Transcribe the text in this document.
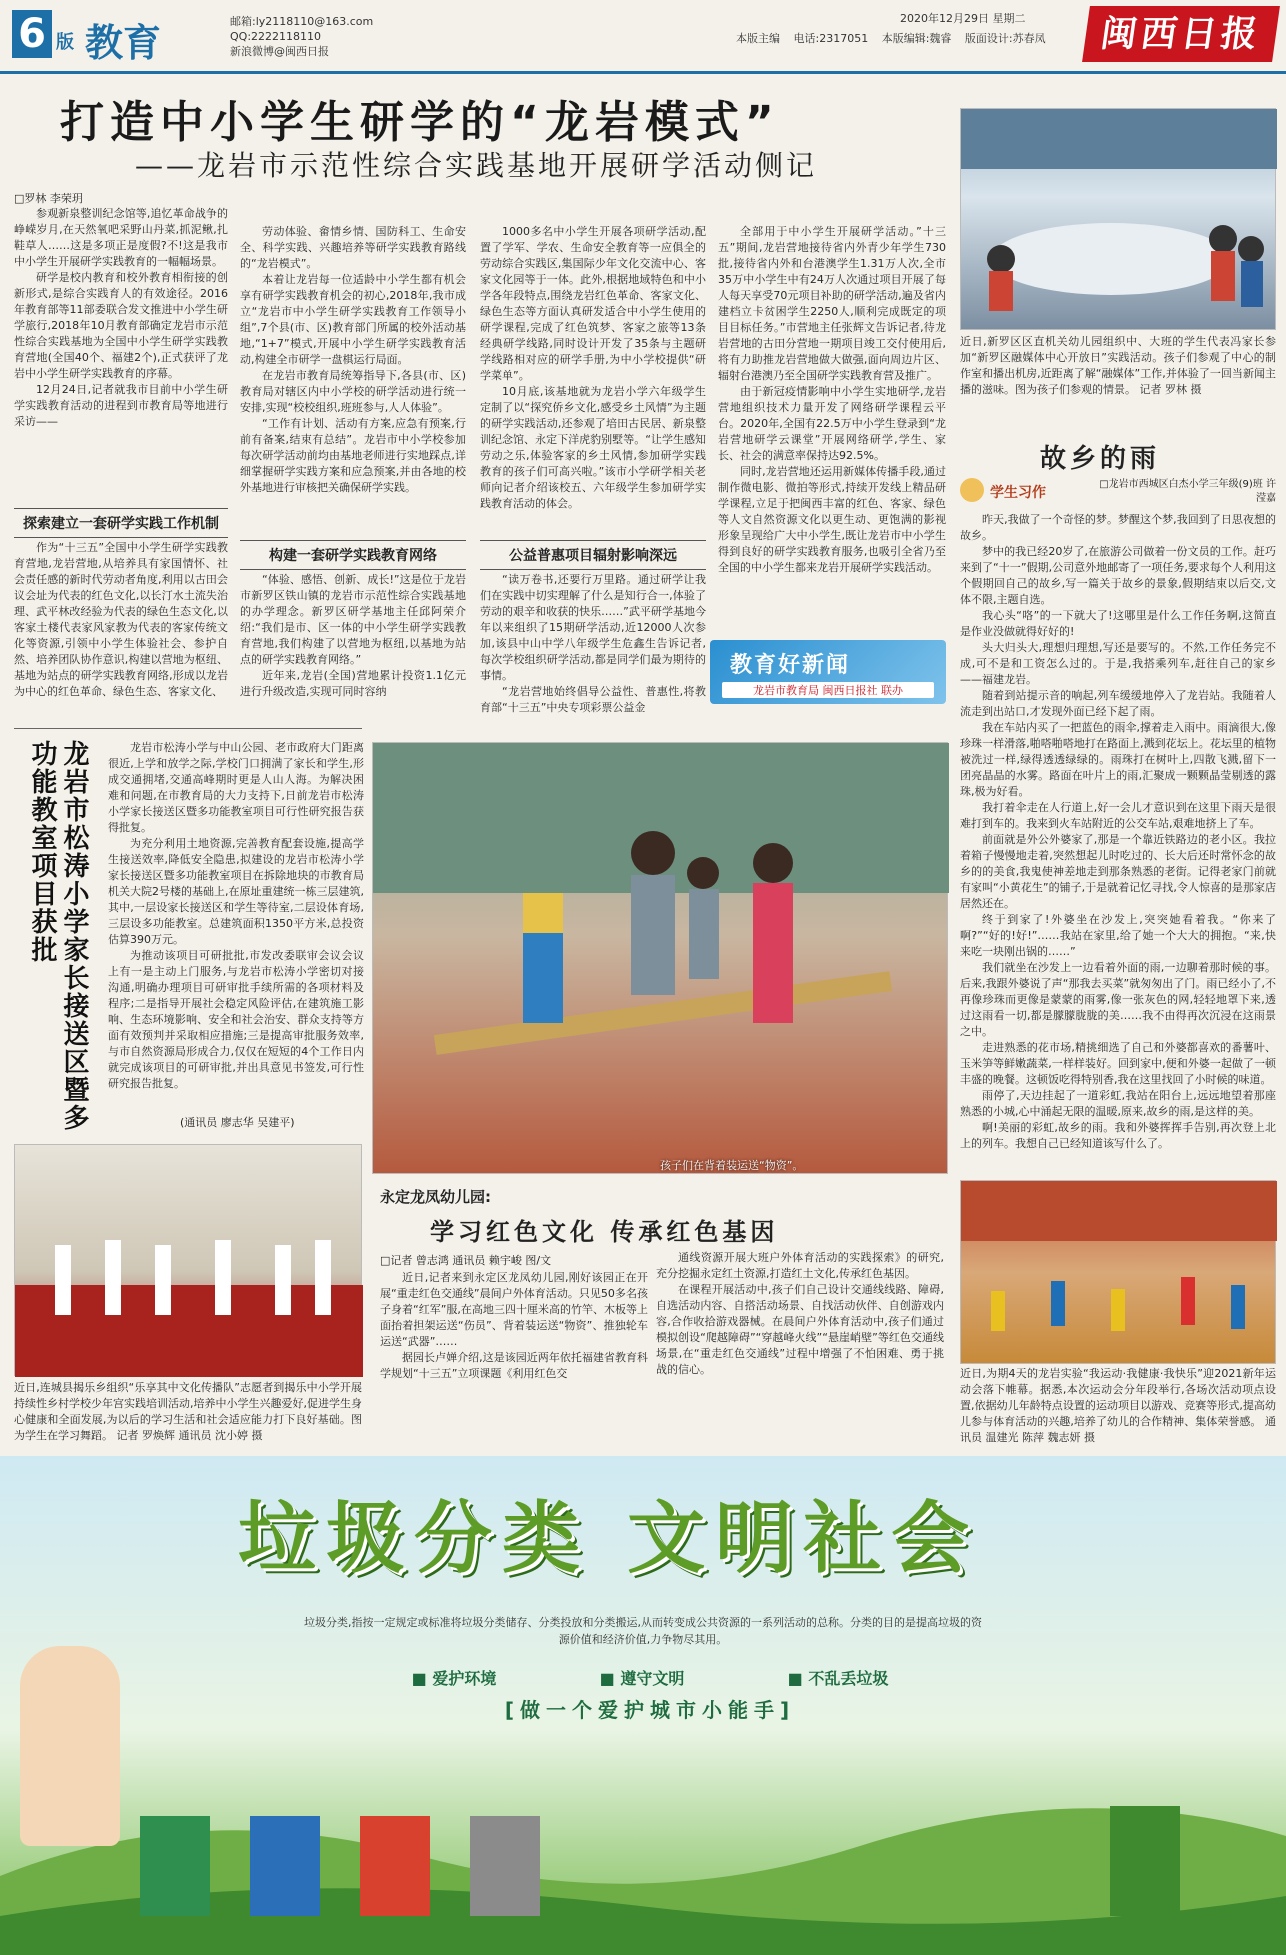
6 版 教育	邮箱:ly2118110@163.com
QQ:2222118110
新浪微博@闽西日报
2020年12月29日 星期二
本版主编 电话:2317051 本版编辑:魏睿 版面设计:苏春凤	闽西日报
打造中小学生研学的“龙岩模式”
——龙岩市示范性综合实践基地开展研学活动侧记
□罗林 李荣玥

参观新泉整训纪念馆等,追忆革命战争的峥嵘岁月,在天然氧吧采野山丹菜,抓泥鳅,扎鞋草人……这是多项正是度假?不!这是我市中小学生开展研学实践教育的一幅幅场景。

研学是校内教育和校外教育相衔接的创新形式,是综合实践育人的有效途径。2016年教育部等11部委联合发文推进中小学生研学旅行,2018年10月教育部确定龙岩市示范性综合实践基地为全国中小学生研学实践教育营地(全国40个、福建2个),正式获评了龙岩中小学生研学实践教育的序幕。

12月24日,记者就我市目前中小学生研学实践教育活动的进程到市教育局等地进行采访——

探索建立一套研学实践工作机制

作为“十三五”全国中小学生研学实践教育营地,龙岩营地,从培养具有家国情怀、社会责任感的新时代劳动者角度,利用以古田会议会址为代表的红色文化,以长汀水土流失治理、武平林改经验为代表的绿色生态文化,以客家土楼代表家风家教为代表的客家传统文化等资源,引领中小学生体验社会、参护自然、培养团队协作意识,构建以营地为枢纽、基地为站点的研学实践教育网络,形成以龙岩为中心的红色革命、绿色生态、客家文化、

劳动体验、畲情乡情、国防科工、生命安全、科学实践、兴趣培养等研学实践教育路线的“龙岩模式”。

本着让龙岩每一位适龄中小学生都有机会享有研学实践教育机会的初心,2018年,我市成立“龙岩市中小学生研学实践教育工作领导小组”,7个县(市、区)教育部门所属的校外活动基地,“1+7”模式,开展中小学生研学实践教育活动,构建全市研学一盘棋运行局面。

在龙岩市教育局统筹指导下,各县(市、区)教育局对辖区内中小学校的研学活动进行统一安排,实现“校校组织,班班参与,人人体验”。

“工作有计划、活动有方案,应急有预案,行前有备案,结束有总结”。龙岩市中小学校参加每次研学活动前均由基地老师进行实地踩点,详细掌握研学实践方案和应急预案,并由各地的校外基地进行审核把关确保研学实践。

构建一套研学实践教育网络

“体验、感悟、创新、成长!”这是位于龙岩市新罗区铁山镇的龙岩市示范性综合实践基地的办学理念。新罗区研学基地主任邱阿荣介绍:“我们是市、区一体的中小学生研学实践教育营地,我们构建了以营地为枢纽,以基地为站点的研学实践教育网络。”

近年来,龙岩(全国)营地累计投资1.1亿元进行升级改造,实现可同时容纳

1000多名中小学生开展各项研学活动,配置了学军、学农、生命安全教育等一应俱全的劳动综合实践区,集国际少年文化交流中心、客家文化园等于一体。此外,根据地域特色和中小学各年段特点,围绕龙岩红色革命、客家文化、绿色生态等方面认真研发适合中小学生使用的研学课程,完成了红色筑梦、客家之旅等13条经典研学线路,同时设计开发了35条与主题研学线路相对应的研学手册,为中小学校提供“研学菜单”。

10月底,该基地就为龙岩小学六年级学生定制了以“探究侨乡文化,感受乡土风情”为主题的研学实践活动,还参观了培田古民居、新泉整训纪念馆、永定下洋虎豹别墅等。“让学生感知劳动之乐,体验客家的乡土风情,参加研学实践教育的孩子们可高兴啦。”该市小学研学相关老师向记者介绍该校五、六年级学生参加研学实践教育活动的体会。

公益普惠项目辐射影响深远

“读万卷书,还要行万里路。通过研学让我们在实践中切实理解了什么是知行合一,体验了劳动的艰辛和收获的快乐……”武平研学基地今年以来组织了15期研学活动,近12000人次参加,该县中山中学八年级学生危鑫生告诉记者,每次学校组织研学活动,都是同学们最为期待的事情。

“龙岩营地始终倡导公益性、普惠性,将教育部“十三五”中央专项彩票公益金

全部用于中小学生开展研学活动。”十三五”期间,龙岩营地接待省内外青少年学生730批,接待省内外和台港澳学生1.31万人次,全市35万中小学生中有24万人次通过项目开展了每人每天享受70元项目补助的研学活动,遍及省内建档立卡贫困学生2250人,顺利完成既定的项目目标任务。”市营地主任张辉文告诉记者,待龙岩营地的古田分营地一期项目竣工交付使用后,将有力助推龙岩营地做大做强,面向周边片区、辐射台港澳乃至全国研学实践教育营及推广。

由于新冠疫情影响中小学生实地研学,龙岩营地组织技术力量开发了网络研学课程云平台。2020年,全国有22.5万中小学生登录到“龙岩营地研学云课堂”开展网络研学,学生、家长、社会的满意率保持达92.5%。

同时,龙岩营地还运用新媒体传播手段,通过制作微电影、微拍等形式,持续开发线上精品研学课程,立足于把闽西丰富的红色、客家、绿色等人文自然资源文化以更生动、更饱满的影视形象呈现给广大中小学生,既让龙岩市中小学生得到良好的研学实践教育服务,也吸引全省乃至全国的中小学生都来龙岩开展研学实践活动。

教育好新闻
龙岩市教育局 闽西日报社 联办
近日,新罗区区直机关幼儿园组织中、大班的学生代表冯家长参加“新罗区融媒体中心开放日”实践活动。孩子们参观了中心的制作室和播出机房,近距离了解“融媒体”工作,并体验了一回当新闻主播的滋味。图为孩子们参观的情景。 记者 罗林 摄
故乡的雨
学生习作
□龙岩市西城区白杰小学三年级(9)班 许滢嘉

昨天,我做了一个奇怪的梦。梦醒这个梦,我回到了日思夜想的故乡。

梦中的我已经20岁了,在旅游公司做着一份文员的工作。赶巧来到了“十一”假期,公司意外地邮寄了一项任务,要求每个人利用这个假期回自己的故乡,写一篇关于故乡的景象,假期结束以后交,文体不限,主题自选。

我心头“咯”的一下就大了!这哪里是什么工作任务啊,这简直是作业没做就得好好的!

头大归头大,理想归理想,写还是要写的。不然,工作任务完不成,可不是和工资怎么过的。于是,我搭乘列车,赶往自己的家乡——福建龙岩。

随着到站提示音的响起,列车缓缓地停入了龙岩站。我随着人流走到出站口,才发现外面已经下起了雨。

我在车站内买了一把蓝色的雨伞,撑着走入雨中。雨滴很大,像珍珠一样滑落,啪嗒啪嗒地打在路面上,溅到花坛上。花坛里的植物被洗过一样,绿得透透绿绿的。雨珠打在树叶上,四散飞溅,留下一团亮晶晶的水雾。路面在叶片上的雨,汇聚成一颗颗晶莹剔透的露珠,极为好看。

我打着伞走在人行道上,好一会儿才意识到在这里下雨天是很难打到车的。我来到火车站附近的公交车站,艰难地挤上了车。

前面就是外公外婆家了,那是一个靠近铁路边的老小区。我拉着箱子慢慢地走着,突然想起儿时吃过的、长大后还时常怀念的故乡的的美食,我鬼使神差地走到那条熟悉的老街。记得老家门前就有家叫“小黄花生”的铺子,于是就着记忆寻找,令人惊喜的是那家店居然还在。

终于到家了!外婆坐在沙发上,突突她看着我。“你来了啊?”“好的!好!”……我站在家里,给了她一个大大的拥抱。“来,快来吃一块刚出锅的……”

我们就坐在沙发上一边看着外面的雨,一边聊着那时候的事。后来,我跟外婆说了声“那我去买菜”就匆匆出了门。雨已经小了,不再像珍珠而更像是蒙蒙的雨雾,像一张灰色的网,轻轻地罩下来,透过这雨看一切,都是朦朦胧胧的美……我不由得再次沉浸在这雨景之中。

走进熟悉的花市场,精挑细选了自己和外婆都喜欢的番薯叶、玉米笋等鲜嫩蔬菜,一样样装好。回到家中,便和外婆一起做了一顿丰盛的晚餐。这顿饭吃得特别香,我在这里找回了小时候的味道。

雨停了,天边挂起了一道彩虹,我站在阳台上,远远地望着那座熟悉的小城,心中涌起无限的温暖,原来,故乡的雨,是这样的美。

啊!美丽的彩虹,故乡的雨。我和外婆挥挥手告别,再次登上北上的列车。我想自己已经知道该写什么了。

龙岩市松涛小学家长接送区暨多功能教室项目获批	龙岩市松涛小学与中山公园、老市政府大门距离很近,上学和放学之际,学校门口拥满了家长和学生,形成交通拥堵,交通高峰期时更是人山人海。为解决困难和问题,在市教育局的大力支持下,日前龙岩市松涛小学家长接送区暨多功能教室项目可行性研究报告获得批复。

为充分利用土地资源,完善教育配套设施,提高学生接送效率,降低安全隐患,拟建设的龙岩市松涛小学家长接送区暨多功能教室项目在拆除地块的市教育局机关大院2号楼的基础上,在原址重建统一栋三层建筑,其中,一层设家长接送区和学生等待室,二层设体育场,三层设多功能教室。总建筑面积1350平方米,总投资估算390万元。

为推动该项目可研批批,市发改委联审会议会议上有一是主动上门服务,与龙岩市松涛小学密切对接沟通,明确办理项目可研审批手续所需的各项材料及程序;二是指导开展社会稳定风险评估,在建筑施工影响、生态环境影响、安全和社会治安、群众支持等方面有效预判并采取相应措施;三是提高审批服务效率,与市自然资源局形成合力,仅仅在短短的4个工作日内就完成该项目的可研审批,并出具意见书签发,可行性研究报告批复。

(通讯员 廖志华 吴建平)
孩子们在背着装运送“物资”。
近日,连城县揭乐乡组织“乐享其中文化传播队”志愿者到揭乐中小学开展持续性乡村学校少年宫实践培训活动,培养中小学生兴趣爱好,促进学生身心健康和全面发展,为以后的学习生活和社会适应能力打下良好基础。图为学生在学习舞蹈。 记者 罗焕辉 通讯员 沈小婷 摄
永定龙凤幼儿园:
学习红色文化 传承红色基因
□记者 曾志鸿 通讯员 赖宇峻 图/文

近日,记者来到永定区龙凤幼儿园,刚好该园正在开展“重走红色交通线”晨间户外体育活动。只见50多名孩子身着“红军”服,在高地三四十厘米高的竹竿、木板等上面抬着担架运送“伤员”、背着装运送“物资”、推独轮车运送“武器”……

据园长卢婵介绍,这是该园近两年依托福建省教育科学规划“十三五”立项课题《利用红色交

通线资源开展大班户外体育活动的实践探索》的研究,充分挖掘永定红土资源,打造红土文化,传承红色基因。

在课程开展活动中,孩子们自己设计交通线线路、障碍,自选活动内容、自搭活动场景、自找活动伙伴、自创游戏内容,合作收拾游戏器械。在晨间户外体育活动中,孩子们通过模拟创设“爬越障碍”“穿越峰火线”“悬崖峭壁”等红色交通线场景,在“重走红色交通线”过程中增强了不怕困难、勇于挑战的信心。	近日,为期4天的龙岩实验“我运动·我健康·我快乐”迎2021新年运动会落下帷幕。据悉,本次运动会分年段举行,各场次活动项点设置,依据幼儿年龄特点设置的运动项目以游戏、竞赛等形式,提高幼儿参与体育活动的兴趣,培养了幼儿的合作精神、集体荣誉感。 通讯员 温建光 陈萍 魏志妍 摄
垃圾分类 文明社会
垃圾分类,指按一定规定或标准将垃圾分类储存、分类投放和分类搬运,从而转变成公共资源的一系列活动的总称。分类的目的是提高垃圾的资源价值和经济价值,力争物尽其用。
■ 爱护环境	■ 遵守文明	■ 不乱丢垃圾
[做一个爱护城市小能手]
